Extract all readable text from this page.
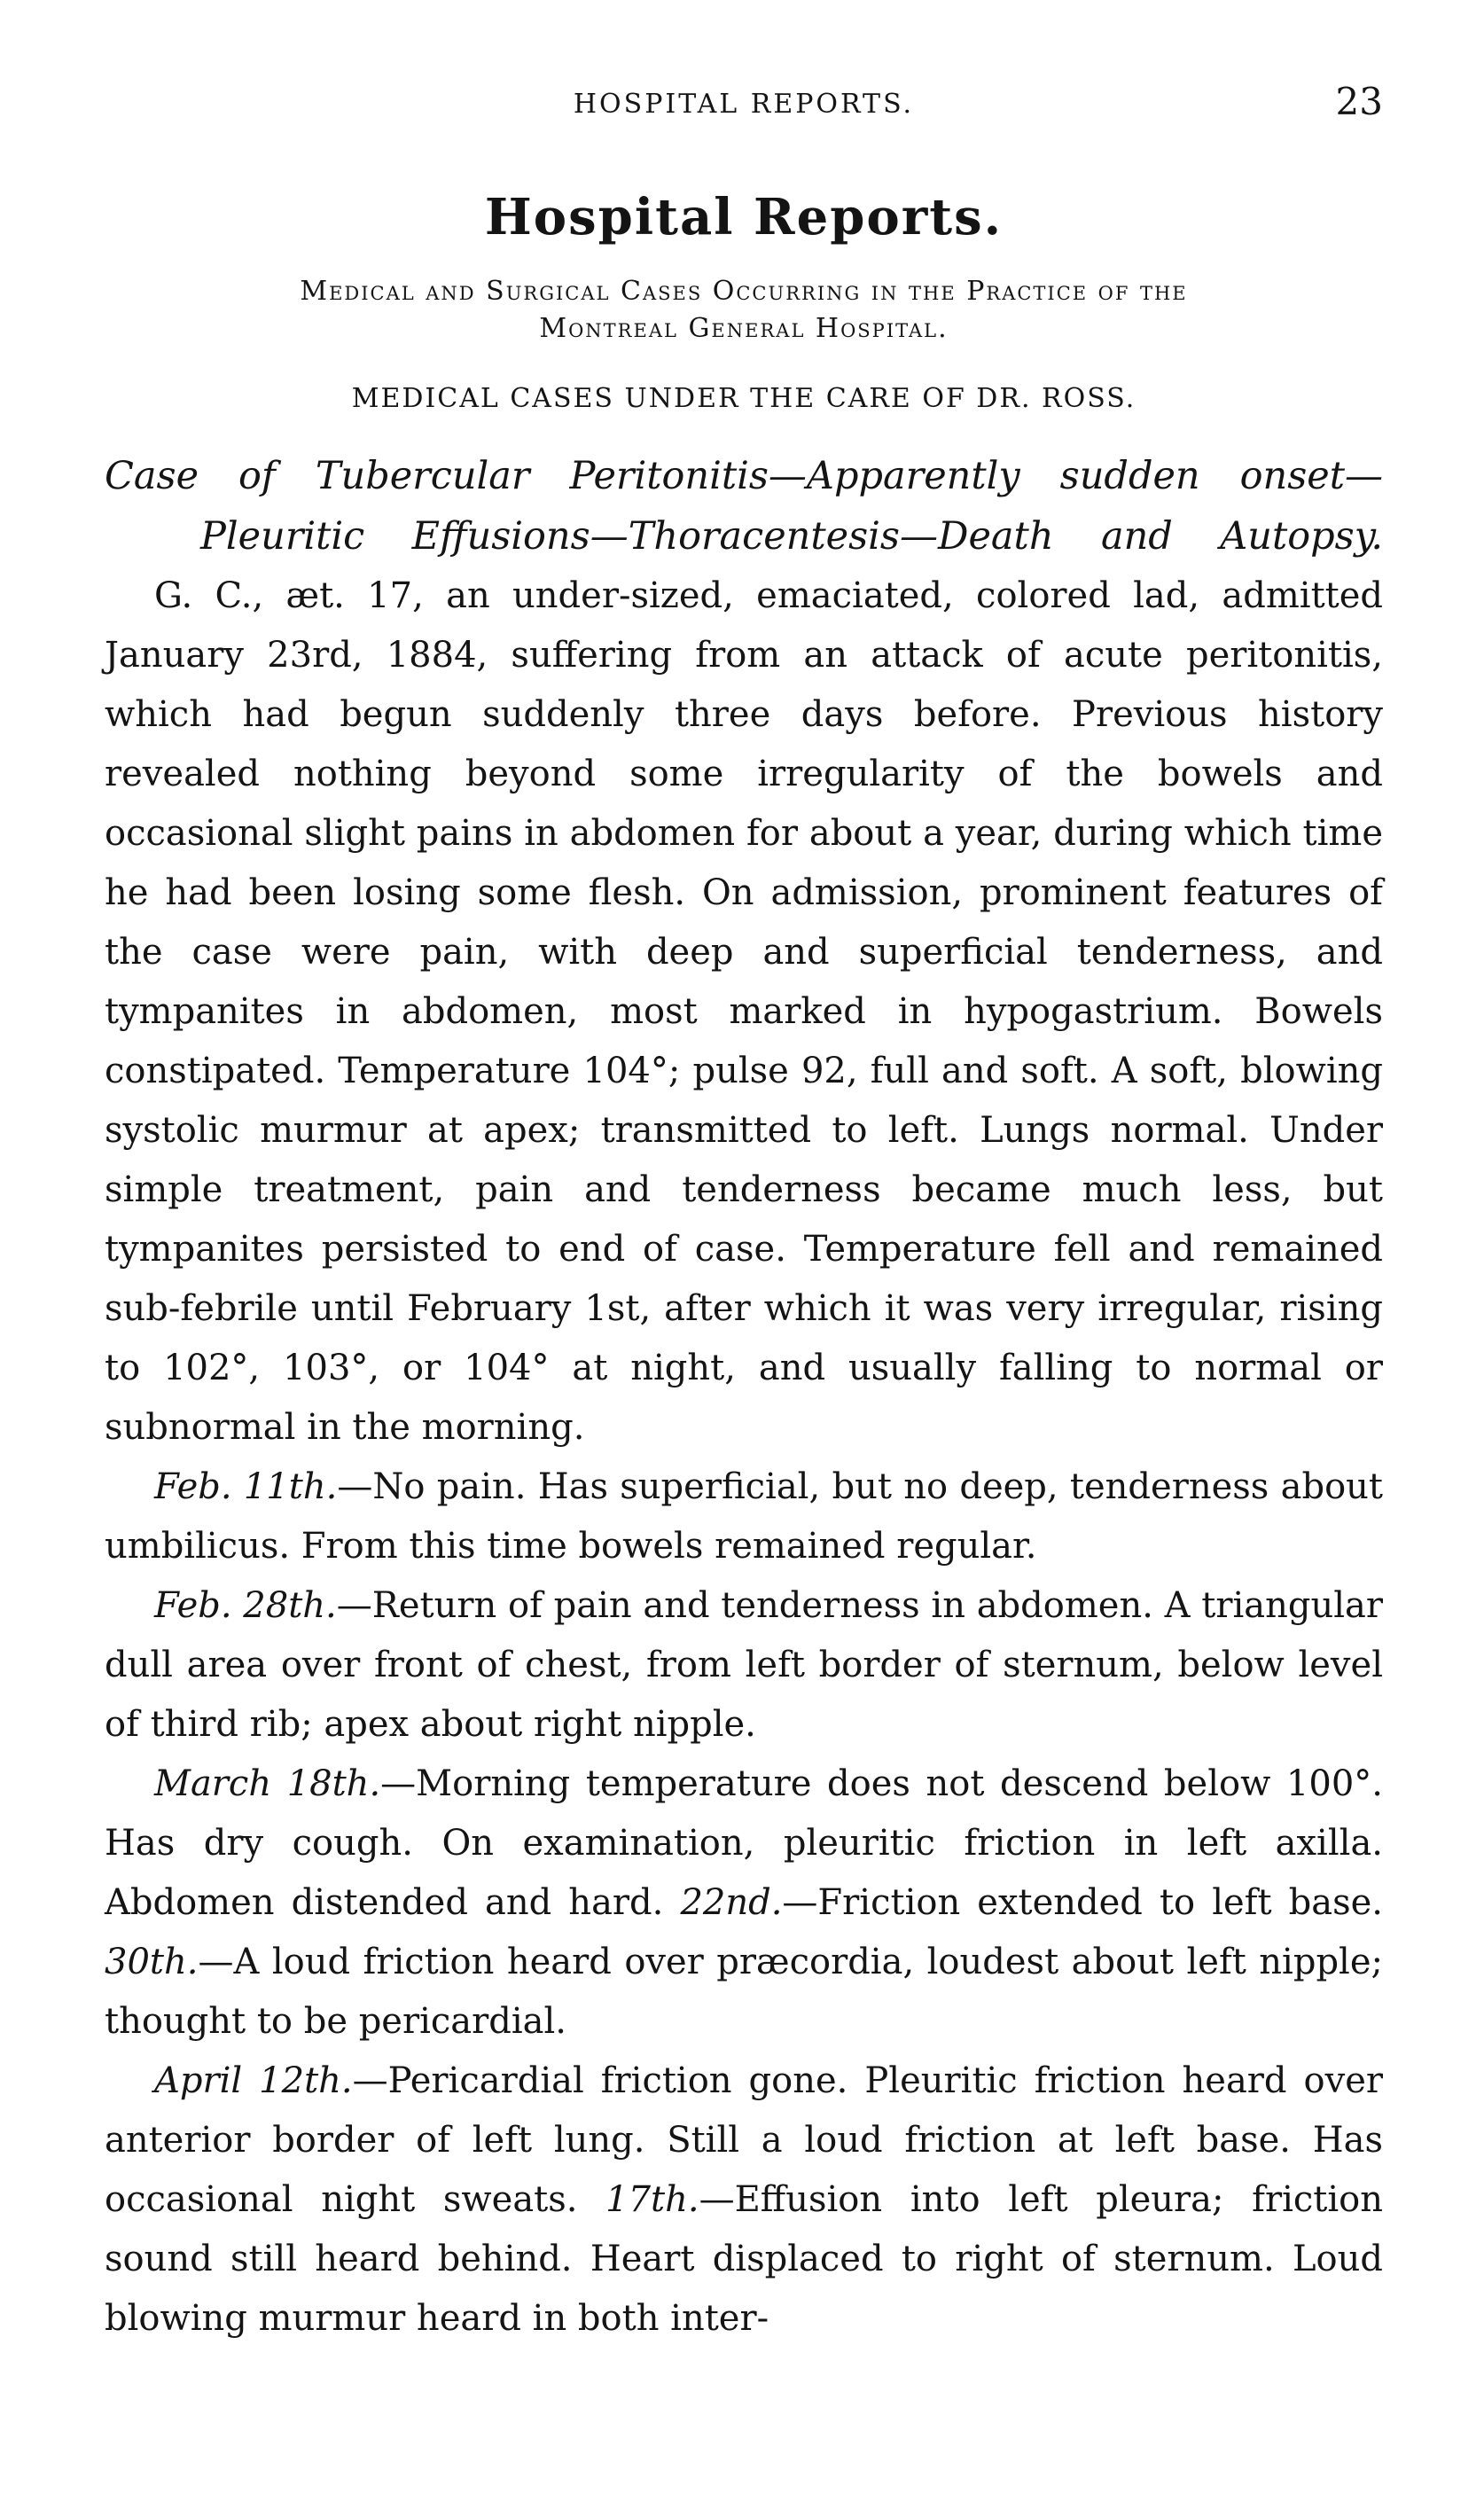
HOSPITAL REPORTS.	23
Hospital Reports.
Medical and Surgical Cases Occurring in the Practice of the
Montreal General Hospital.
MEDICAL CASES UNDER THE CARE OF DR. ROSS.
Case of Tubercular Peritonitis—Apparently sudden onset—
Pleuritic Effusions—Thoracentesis—Death and Autopsy.

G. C., æt. 17, an under-sized, emaciated, colored lad, admitted January 23rd, 1884, suffering from an attack of acute peritonitis, which had begun suddenly three days before. Previous history revealed nothing beyond some irregularity of the bowels and occasional slight pains in abdomen for about a year, during which time he had been losing some flesh. On admission, prominent features of the case were pain, with deep and superficial tenderness, and tympanites in abdomen, most marked in hypogastrium. Bowels constipated. Temperature 104°; pulse 92, full and soft. A soft, blowing systolic murmur at apex; transmitted to left. Lungs normal. Under simple treatment, pain and tenderness became much less, but tympanites persisted to end of case. Temperature fell and remained sub-febrile until February 1st, after which it was very irregular, rising to 102°, 103°, or 104° at night, and usually falling to normal or subnormal in the morning.

Feb. 11th.—No pain. Has superficial, but no deep, tenderness about umbilicus. From this time bowels remained regular.

Feb. 28th.—Return of pain and tenderness in abdomen. A triangular dull area over front of chest, from left border of sternum, below level of third rib; apex about right nipple.

March 18th.—Morning temperature does not descend below 100°. Has dry cough. On examination, pleuritic friction in left axilla. Abdomen distended and hard. 22nd.—Friction extended to left base. 30th.—A loud friction heard over præcordia, loudest about left nipple; thought to be pericardial.

April 12th.—Pericardial friction gone. Pleuritic friction heard over anterior border of left lung. Still a loud friction at left base. Has occasional night sweats. 17th.—Effusion into left pleura; friction sound still heard behind. Heart displaced to right of sternum. Loud blowing murmur heard in both inter-
